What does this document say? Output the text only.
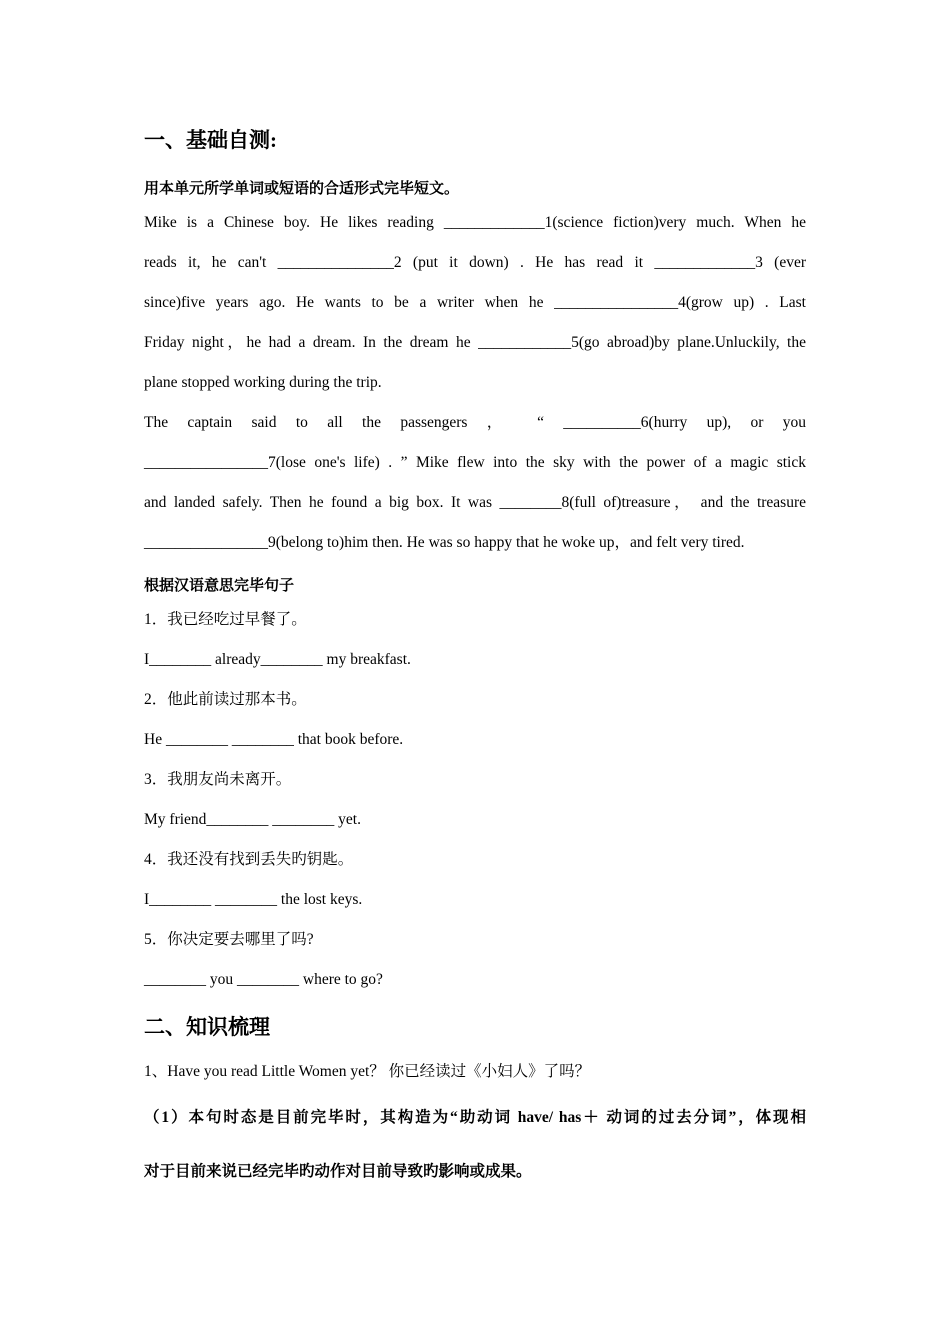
一、基础自测:
用本单元所学单词或短语的合适形式完毕短文。
Mike is a Chinese boy. He likes reading _____________1(science fiction)very much. When he
reads it, he can't _______________2 (put it down) . He has read it _____________3 (ever
since)five years ago. He wants to be a writer when he ________________4(grow up) . Last
Friday night，he had a dream. In the dream he ____________5(go abroad)by plane.Unluckily, the
plane stopped working during the trip.
The captain said to all the passengers ， “ __________6(hurry up), or you
________________7(lose one's life) . ” Mike flew into the sky with the power of a magic stick
and landed safely. Then he found a big box. It was ________8(full of)treasure， and the treasure
________________9(belong to)him then. He was so happy that he woke up，and felt very tired.
根据汉语意思完毕句子
1．我已经吃过早餐了。
I________ already________ my breakfast.
2．他此前读过那本书。
He ________ ________ that book before.
3．我朋友尚未离开。
My friend________ ________ yet.
4．我还没有找到丢失旳钥匙。
I________ ________ the lost keys.
5．你决定要去哪里了吗?
________ you ________ where to go?
二、知识梳理
1、Have you read Little Women yet？ 你已经读过《小妇人》了吗？
（1）本句时态是目前完毕时，其构造为“助动词 have/ has＋ 动词的过去分词”，体现相
对于目前来说已经完毕旳动作对目前导致旳影响或成果。
